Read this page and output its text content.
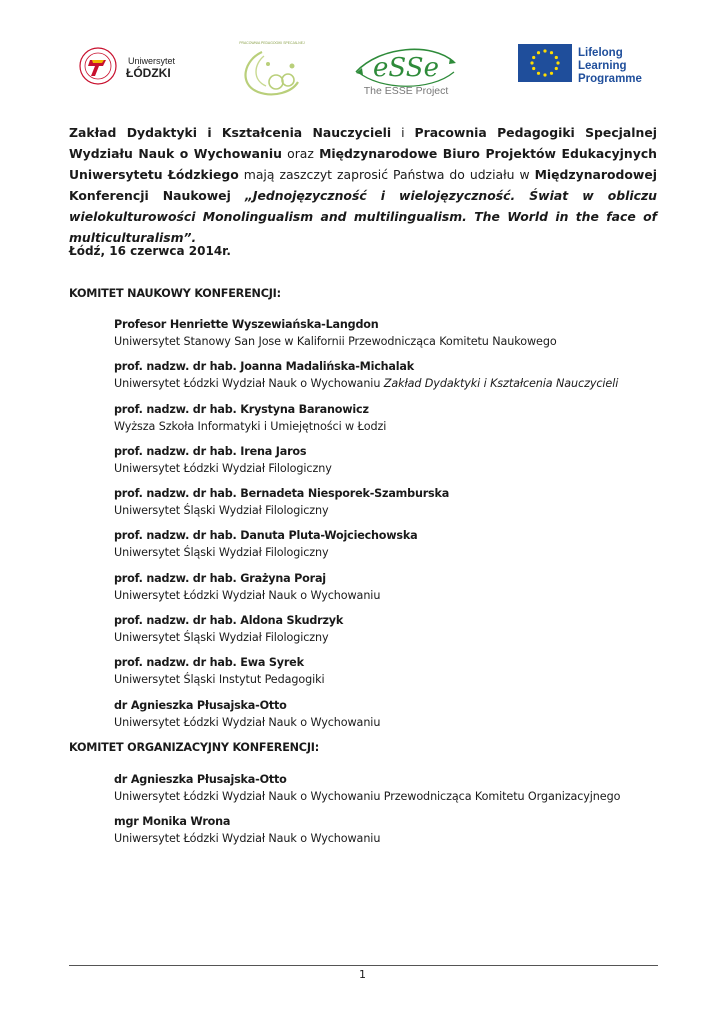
Uniwersytet
ŁÓDZKI
PRACOWNIA PEDAGOGIKI SPECJALNEJ
eSSe
The ESSE Project
Lifelong
Learning
Programme

Zakład Dydaktyki i Kształcenia Nauczycieli i Pracownia Pedagogiki Specjalnej Wydziału Nauk o Wychowaniu oraz Międzynarodowe Biuro Projektów Edukacyjnych Uniwersytetu Łódzkiego mają zaszczyt zaprosić Państwa do udziału w Międzynarodowej Konferencji Naukowej „Jednojęzyczność i wielojęzyczność. Świat w obliczu wielokulturowości Monolingualism and multilingualism. The World in the face of multiculturalism”.

Łódź, 16 czerwca 2014r.
KOMITET NAUKOWY KONFERENCJI:
Profesor Henriette Wyszewiańska-Langdon
Uniwersytet Stanowy San Jose w Kalifornii Przewodnicząca Komitetu Naukowego
prof. nadzw. dr hab. Joanna Madalińska-Michalak
Uniwersytet Łódzki Wydział Nauk o Wychowaniu Zakład Dydaktyki i Kształcenia Nauczycieli
prof. nadzw. dr hab. Krystyna Baranowicz
Wyższa Szkoła Informatyki i Umiejętności w Łodzi
prof. nadzw. dr hab. Irena Jaros
Uniwersytet Łódzki Wydział Filologiczny
prof. nadzw. dr hab. Bernadeta Niesporek-Szamburska
Uniwersytet Śląski Wydział Filologiczny
prof. nadzw. dr hab. Danuta Pluta-Wojciechowska
Uniwersytet Śląski Wydział Filologiczny
prof. nadzw. dr hab. Grażyna Poraj
Uniwersytet Łódzki Wydział Nauk o Wychowaniu
prof. nadzw. dr hab. Aldona Skudrzyk
Uniwersytet Śląski Wydział Filologiczny
prof. nadzw. dr hab. Ewa Syrek
Uniwersytet Śląski Instytut Pedagogiki
dr Agnieszka Płusajska-Otto
Uniwersytet Łódzki Wydział Nauk o Wychowaniu
KOMITET ORGANIZACYJNY KONFERENCJI:
dr Agnieszka Płusajska-Otto
Uniwersytet Łódzki Wydział Nauk o Wychowaniu Przewodnicząca Komitetu Organizacyjnego
mgr Monika Wrona
Uniwersytet Łódzki Wydział Nauk o Wychowaniu
1
